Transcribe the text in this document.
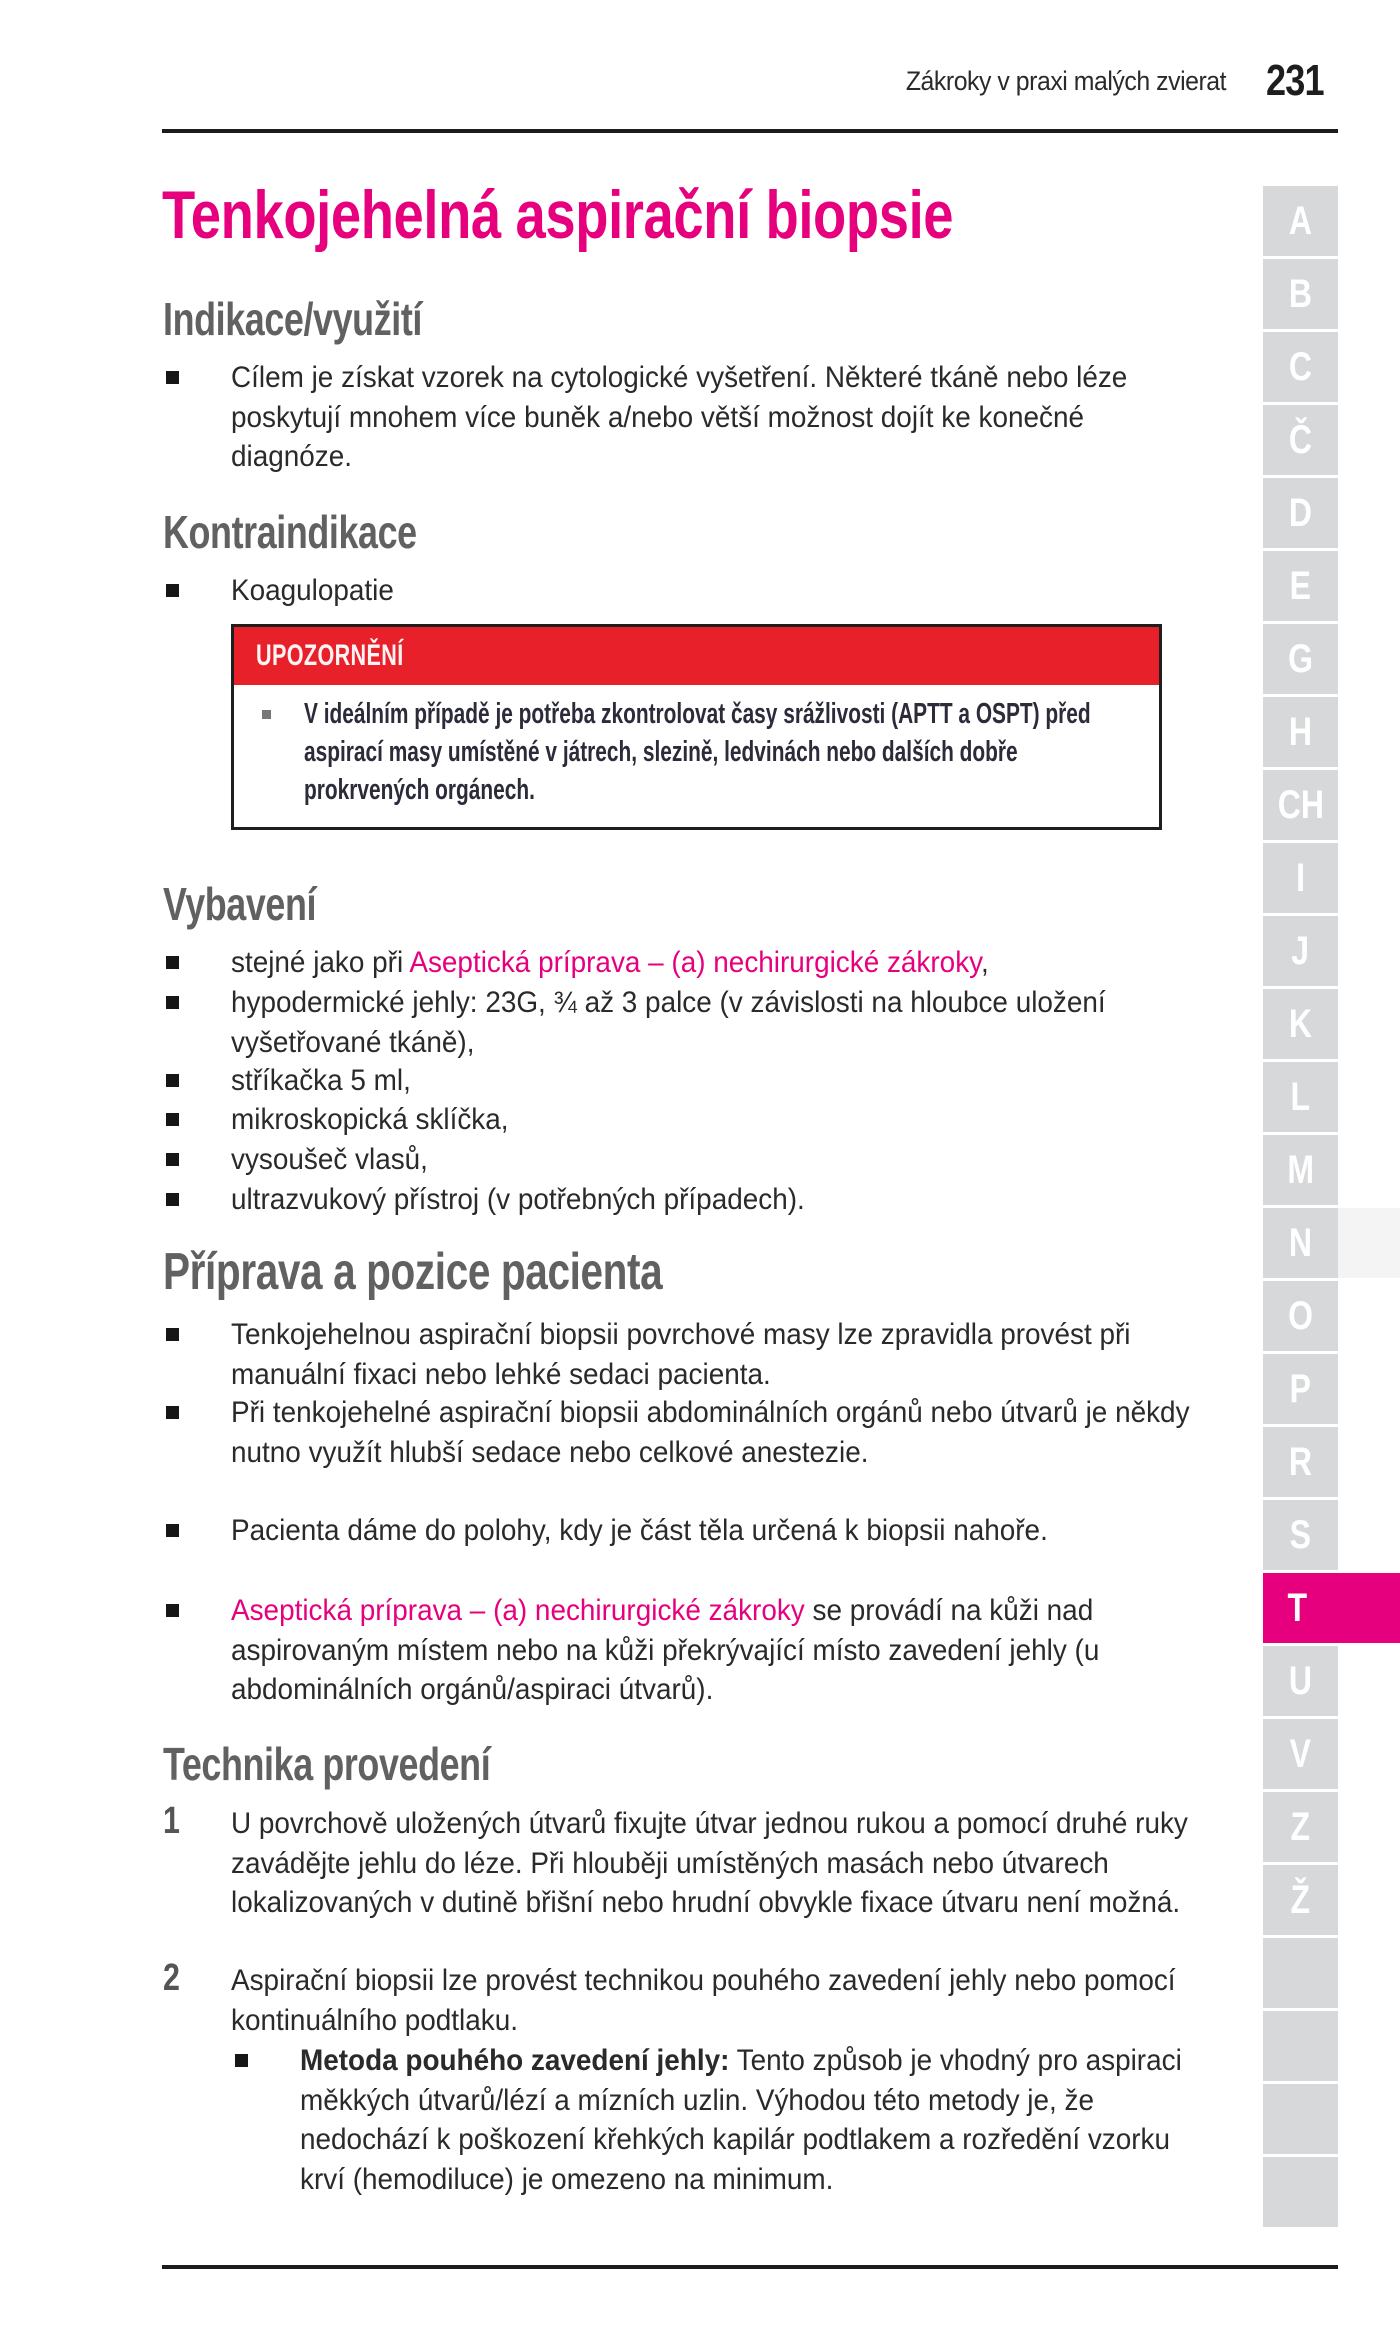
Zákroky v praxi malých zvierat 231
Tenkojehelná aspirační biopsie
Indikace/využití
Cílem je získat vzorek na cytologické vyšetření. Některé tkáně nebo léze poskytují mnohem více buněk a/nebo větší možnost dojít ke konečné diagnóze.
Kontraindikace
Koagulopatie
UPOZORNĚNÍ
V ideálním případě je potřeba zkontrolovat časy srážlivosti (APTT a OSPT) před aspirací masy umístěné v játrech, slezině, ledvinách nebo dalších dobře prokrvených orgánech.
Vybavení
stejné jako při Aseptická príprava – (a) nechirurgické zákroky,
hypodermické jehly: 23G, ¾ až 3 palce (v závislosti na hloubce uložení vyšetřované tkáně),
stříkačka 5 ml,
mikroskopická sklíčka,
vysoušeč vlasů,
ultrazvukový přístroj (v potřebných případech).
Příprava a pozice pacienta
Tenkojehelnou aspirační biopsii povrchové masy lze zpravidla provést při manuální fixaci nebo lehké sedaci pacienta.
Při tenkojehelné aspirační biopsii abdominálních orgánů nebo útvarů je někdy nutno využít hlubší sedace nebo celkové anestezie.
Pacienta dáme do polohy, kdy je část těla určená k biopsii nahoře.
Aseptická príprava – (a) nechirurgické zákroky se provádí na kůži nad aspirovaným místem nebo na kůži překrývající místo zavedení jehly (u abdominálních orgánů/aspiraci útvarů).
Technika provedení
1 U povrchově uložených útvarů fixujte útvar jednou rukou a pomocí druhé ruky zavádějte jehlu do léze. Při hlouběji umístěných masách nebo útvarech lokalizovaných v dutině břišní nebo hrudní obvykle fixace útvaru není možná.
2 Aspirační biopsii lze provést technikou pouhého zavedení jehly nebo pomocí kontinuálního podtlaku.
Metoda pouhého zavedení jehly: Tento způsob je vhodný pro aspiraci měkkých útvarů/lézí a mízních uzlin. Výhodou této metody je, že nedochází k poškození křehkých kapilár podtlakem a rozředění vzorku krví (hemodiluce) je omezeno na minimum.
A
B
C
Č
D
E
G
H
CH
I
J
K
L
M
N
O
P
R
S
T
U
V
Z
Ž
